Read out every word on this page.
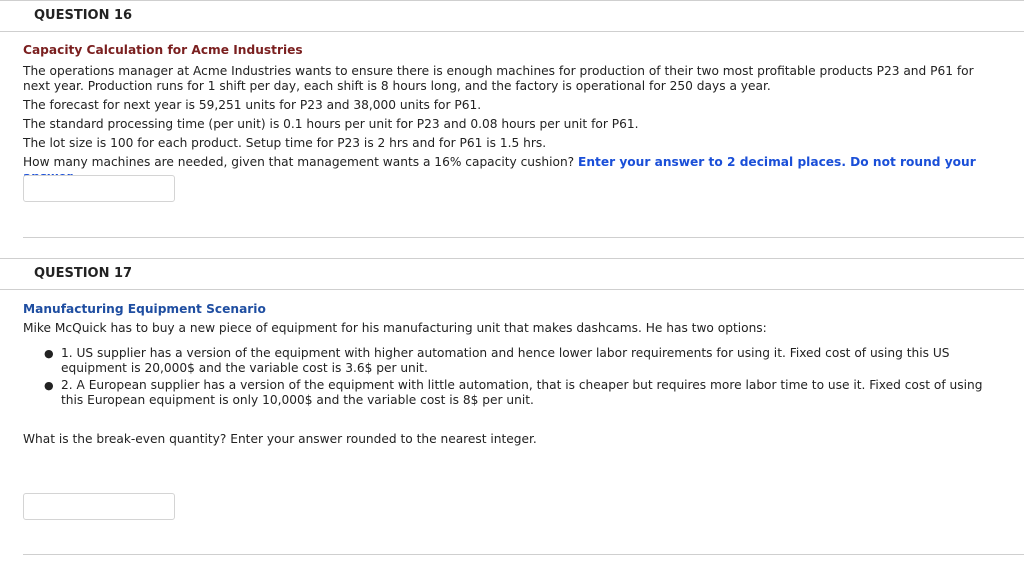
QUESTION 16

Capacity Calculation for Acme Industries

The operations manager at Acme Industries wants to ensure there is enough machines for production of their two most profitable products P23 and P61 for next year. Production runs for 1 shift per day, each shift is 8 hours long, and the factory is operational for 250 days a year.

The forecast for next year is 59,251 units for P23 and 38,000 units for P61.

The standard processing time (per unit) is 0.1 hours per unit for P23 and 0.08 hours per unit for P61.

The lot size is 100 for each product. Setup time for P23 is 2 hrs and for P61 is 1.5 hrs.

How many machines are needed, given that management wants a 16% capacity cushion? Enter your answer to 2 decimal places. Do not round your

QUESTION 17

Manufacturing Equipment Scenario

Mike McQuick has to buy a new piece of equipment for his manufacturing unit that makes dashcams. He has two options:

● 1. US supplier has a version of the equipment with higher automation and hence lower labor requirements for using it. Fixed cost of using this US equipment is 20,000$ and the variable cost is 3.6$ per unit.
● 2. A European supplier has a version of the equipment with little automation, that is cheaper but requires more labor time to use it. Fixed cost of using this European equipment is only 10,000$ and the variable cost is 8$ per unit.

What is the break-even quantity? Enter your answer rounded to the nearest integer.
